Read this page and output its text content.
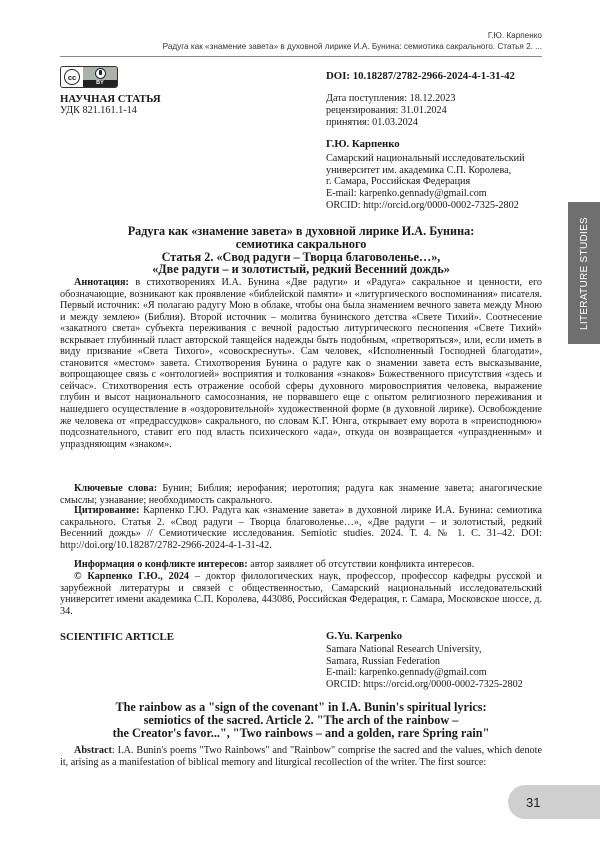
Г.Ю. Карпенко
Радуга как «знамение завета» в духовной лирике И.А. Бунина: семиотика сакрального. Статья 2. ...
cc
BY
DOI: 10.18287/2782-2966-2024-4-1-31-42
НАУЧНАЯ СТАТЬЯ
УДК 821.161.1-14
Дата поступления: 18.12.2023
рецензирования: 31.01.2024
принятия: 01.03.2024
Г.Ю. Карпенко
Самарский национальный исследовательский
университет им. академика С.П. Королева,
г. Самара, Российская Федерация
E-mail: karpenko.gennady@gmail.com
ORCID: http://orcid.org/0000-0002-7325-2802
Радуга как «знамение завета» в духовной лирике И.А. Бунина:
семиотика сакрального
Статья 2. «Свод радуги – Творца благоволенье…»,
«Две радуги – и золотистый, редкий Весенний дождь»

Аннотация: в стихотворениях И.А. Бунина «Две радуги» и «Радуга» сакральное и ценности, его обозначающие, возникают как проявление «библейской памяти» и «литургического воспоминания» писателя. Первый источник: «Я полагаю радугу Мою в облаке, чтобы она была знамением вечного завета между Мною и между землею» (Библия). Второй источник – молитва бунинского детства «Свете Тихий». Соотнесение «закатного света» субъекта переживания с вечной радостью литургического песнопения «Свете Тихий» вскрывает глубинный пласт авторской таящейся надежды быть подобным, «претворяться», или, если иметь в виду призвание «Света Тихого», «совоскреснуть». Сам человек, «Исполненный Господней благодати», становится «местом» завета. Стихотворения Бунина о радуге как о знамении завета есть высказывание, вопрощающее связь с «онтологией» восприятия и толкования «знаков» Божественного присутствия «здесь и сейчас». Стихотворения есть отражение особой сферы духовного мировосприятия человека, выражение глубин и высот национального самосознания, не порвавшего еще с опытом религиозного переживания и нашедшего осуществление в «оздоровительной» художественной форме (в духовной лирике). Освобождение же человека от «предрассудков» сакрального, по словам К.Г. Юнга, открывает ему ворота в «преисподнюю» подсознательного, ставит его под власть психического «ада», откуда он возвращается «упраздненным» и упраздняющим «знаком».

Ключевые слова: Бунин; Библия; иерофания; иеротопия; радуга как знамение завета; анагогические смыслы; узнавание; необходимость сакрального.

Цитирование: Карпенко Г.Ю. Радуга как «знамение завета» в духовной лирике И.А. Бунина: семиотика сакрального. Статья 2. «Свод радуги – Творца благоволенье…», «Две радуги – и золотистый, редкий Весенний дождь» // Семиотические исследования. Semiotic studies. 2024. Т. 4. № 1. С. 31–42. DOI: http://doi.org/10.18287/2782-2966-2024-4-1-31-42.

Информация о конфликте интересов: автор заявляет об отсутствии конфликта интересов.

© Карпенко Г.Ю., 2024 – доктор филологических наук, профессор, профессор кафедры русской и зарубежной литературы и связей с общественностью, Самарский национальный исследовательский университет имени академика С.П. Королева, 443086, Российская Федерация, г. Самара, Московское шоссе, д. 34.

SCIENTIFIC ARTICLE	G.Yu. Karpenko
Samara National Research University,
Samara, Russian Federation
E-mail: karpenko.gennady@gmail.com
ORCID: https://orcid.org/0000-0002-7325-2802
The rainbow as a "sign of the covenant" in I.A. Bunin's spiritual lyrics:
semiotics of the sacred. Article 2. "The arch of the rainbow –
the Creator's favor...", "Two rainbows – and a golden, rare Spring rain"

Abstract: I.A. Bunin's poems "Two Rainbows" and "Rainbow" comprise the sacred and the values, which denote it, arising as a manifestation of biblical memory and liturgical recollection of the writer. The first source:

LITERATURE STUDIES
31
